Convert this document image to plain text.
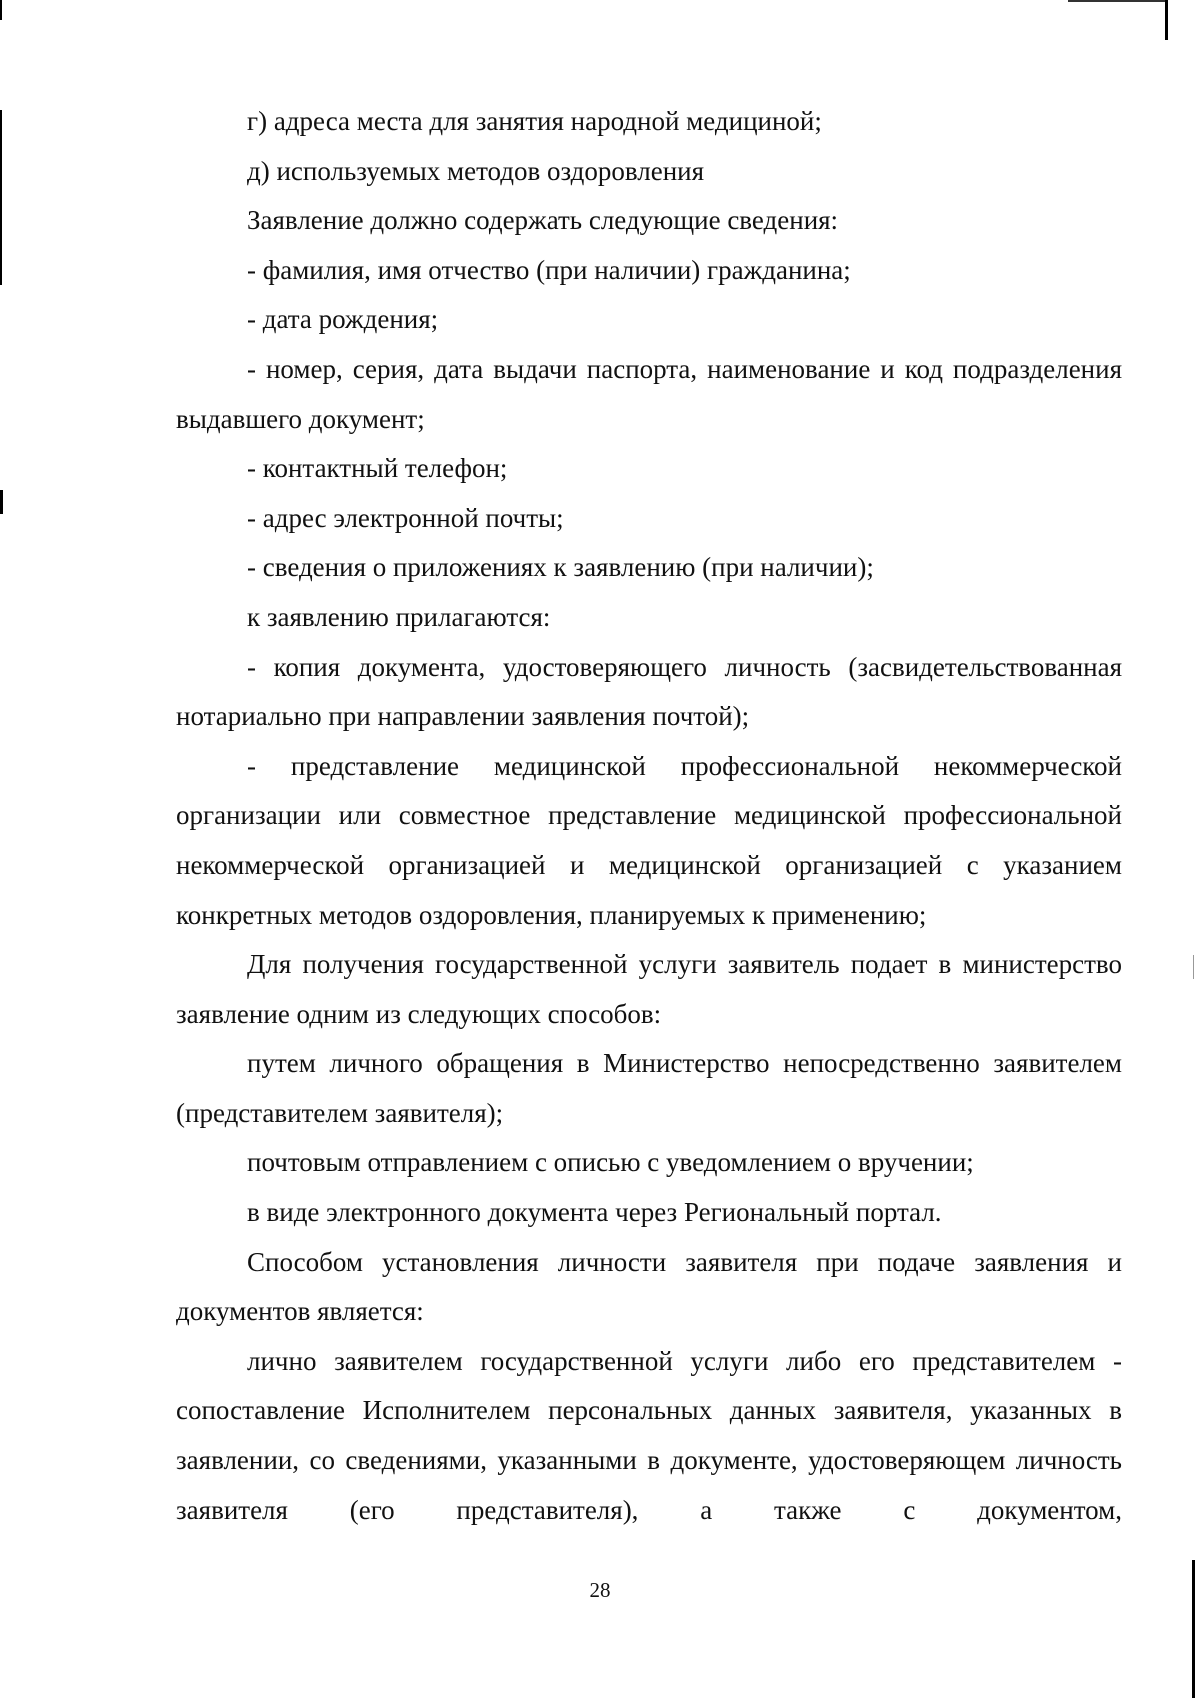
г) адреса места для занятия народной медициной;

д) используемых методов оздоровления

Заявление должно содержать следующие сведения:

- фамилия, имя отчество (при наличии) гражданина;

- дата рождения;

- номер, серия, дата выдачи паспорта, наименование и код подразделения выдавшего документ;

- контактный телефон;

- адрес электронной почты;

- сведения о приложениях к заявлению (при наличии);

к заявлению прилагаются:

- копия документа, удостоверяющего личность (засвидетельствованная нотариально при направлении заявления почтой);

- представление медицинской профессиональной некоммерческой организации или совместное представление медицинской профессиональной некоммерческой организацией и медицинской организацией с указанием конкретных методов оздоровления, планируемых к применению;

Для получения государственной услуги заявитель подает в министерство заявление одним из следующих способов:

путем личного обращения в Министерство непосредственно заявителем (представителем заявителя);

почтовым отправлением с описью с уведомлением о вручении;

в виде электронного документа через Региональный портал.

Способом установления личности заявителя при подаче заявления и документов является:

лично заявителем государственной услуги либо его представителем - сопоставление Исполнителем персональных данных заявителя, указанных в заявлении, со сведениями, указанными в документе, удостоверяющем личность заявителя (его представителя), а также с документом,

28
